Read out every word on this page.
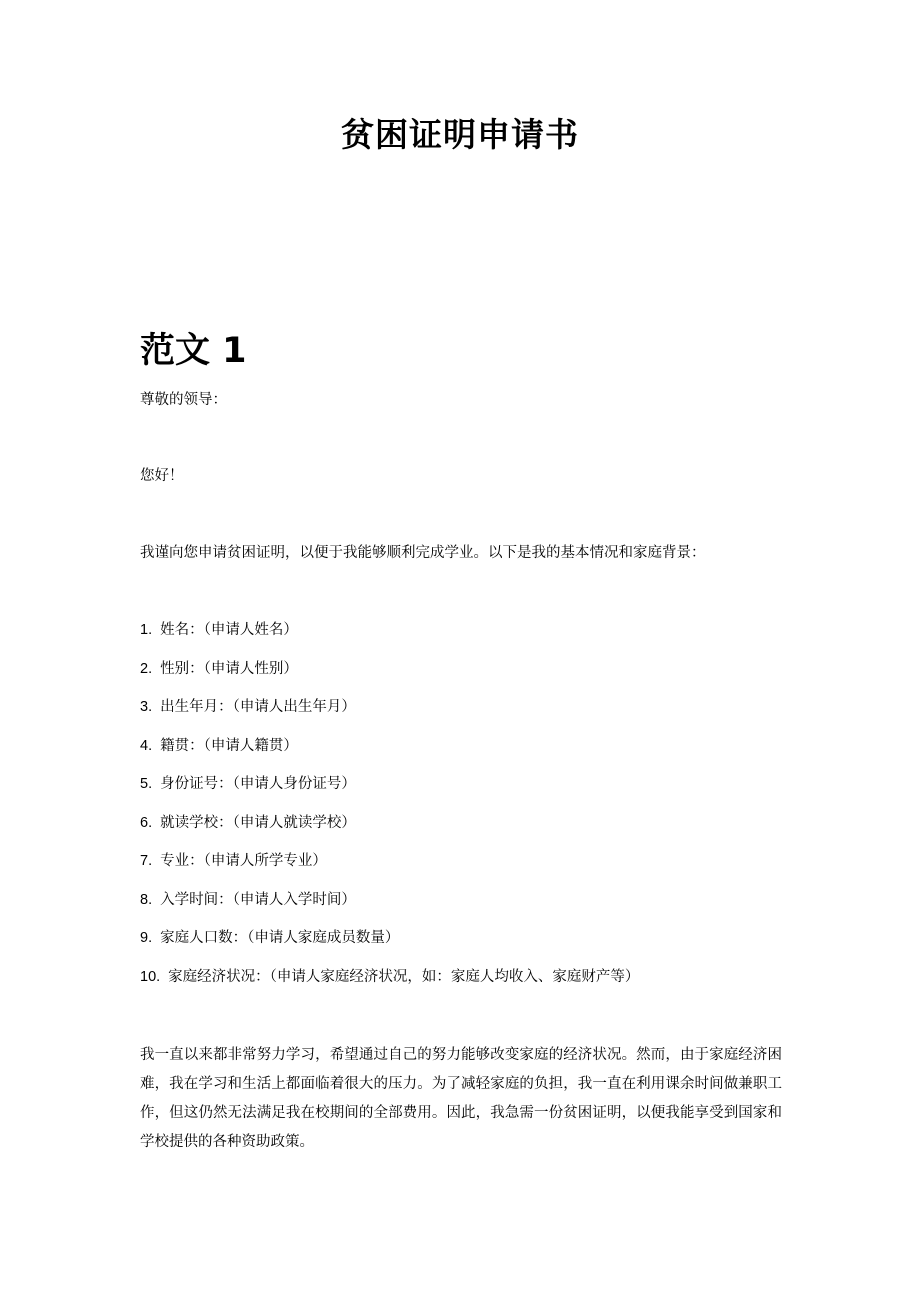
贫困证明申请书
范文 1
尊敬的领导：
您好！
我谨向您申请贫困证明，以便于我能够顺利完成学业。以下是我的基本情况和家庭背景：
1. 姓名：（申请人姓名）
2. 性别：（申请人性别）
3. 出生年月：（申请人出生年月）
4. 籍贯：（申请人籍贯）
5. 身份证号：（申请人身份证号）
6. 就读学校：（申请人就读学校）
7. 专业：（申请人所学专业）
8. 入学时间：（申请人入学时间）
9. 家庭人口数：（申请人家庭成员数量）
10. 家庭经济状况：（申请人家庭经济状况，如：家庭人均收入、家庭财产等）
我一直以来都非常努力学习，希望通过自己的努力能够改变家庭的经济状况。然而，由于家庭经济困难，我在学习和生活上都面临着很大的压力。为了减轻家庭的负担，我一直在利用课余时间做兼职工作，但这仍然无法满足我在校期间的全部费用。因此，我急需一份贫困证明，以便我能享受到国家和学校提供的各种资助政策。
